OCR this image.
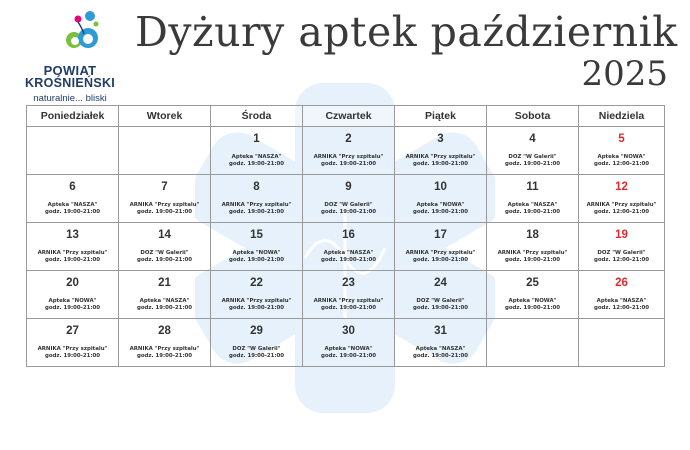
POWIAT
KROŚNIEŃSKI
naturalnie... bliski
Dyżury aptek październik
2025
Poniedziałek	Wtorek	Środa	Czwartek	Piątek	Sobota	Niedziela

		1
Apteka "NASZA"
godz. 19:00-21:00	2
ARNIKA "Przy szpitalu"
godz. 19:00-21:00	3
ARNIKA "Przy szpitalu"
godz. 19:00-21:00	4
DOZ "W Galerii"
godz. 19:00-21:00	5
Apteka "NOWA"
godz. 12:00-21:00

6
Apteka "NASZA"
godz. 19:00-21:00	7
ARNIKA "Przy szpitalu"
godz. 19:00-21:00	8
ARNIKA "Przy szpitalu"
godz. 19:00-21:00	9
DOZ "W Galerii"
godz. 19:00-21:00	10
Apteka "NOWA"
godz. 19:00-21:00	11
Apteka "NASZA"
godz. 19:00-21:00	12
ARNIKA "Przy szpitalu"
godz. 12:00-21:00

13
ARNIKA "Przy szpitalu"
godz. 19:00-21:00	14
DOZ "W Galerii"
godz. 19:00-21:00	15
Apteka "NOWA"
godz. 19:00-21:00	16
Apteka "NASZA"
godz. 19:00-21:00	17
ARNIKA "Przy szpitalu"
godz. 19:00-21:00	18
ARNIKA "Przy szpitalu"
godz. 19:00-21:00	19
DOZ "W Galerii"
godz. 12:00-21:00

20
Apteka "NOWA"
godz. 19:00-21:00	21
Apteka "NASZA"
godz. 19:00-21:00	22
ARNIKA "Przy szpitalu"
godz. 19:00-21:00	23
ARNIKA "Przy szpitalu"
godz. 19:00-21:00	24
DOZ "W Galerii"
godz. 19:00-21:00	25
Apteka "NOWA"
godz. 19:00-21:00	26
Apteka "NASZA"
godz. 12:00-21:00

27
ARNIKA "Przy szpitalu"
godz. 19:00-21:00	28
ARNIKA "Przy szpitalu"
godz. 19:00-21:00	29
DOZ "W Galerii"
godz. 19:00-21:00	30
Apteka "NOWA"
godz. 19:00-21:00	31
Apteka "NASZA"
godz. 19:00-21:00		
